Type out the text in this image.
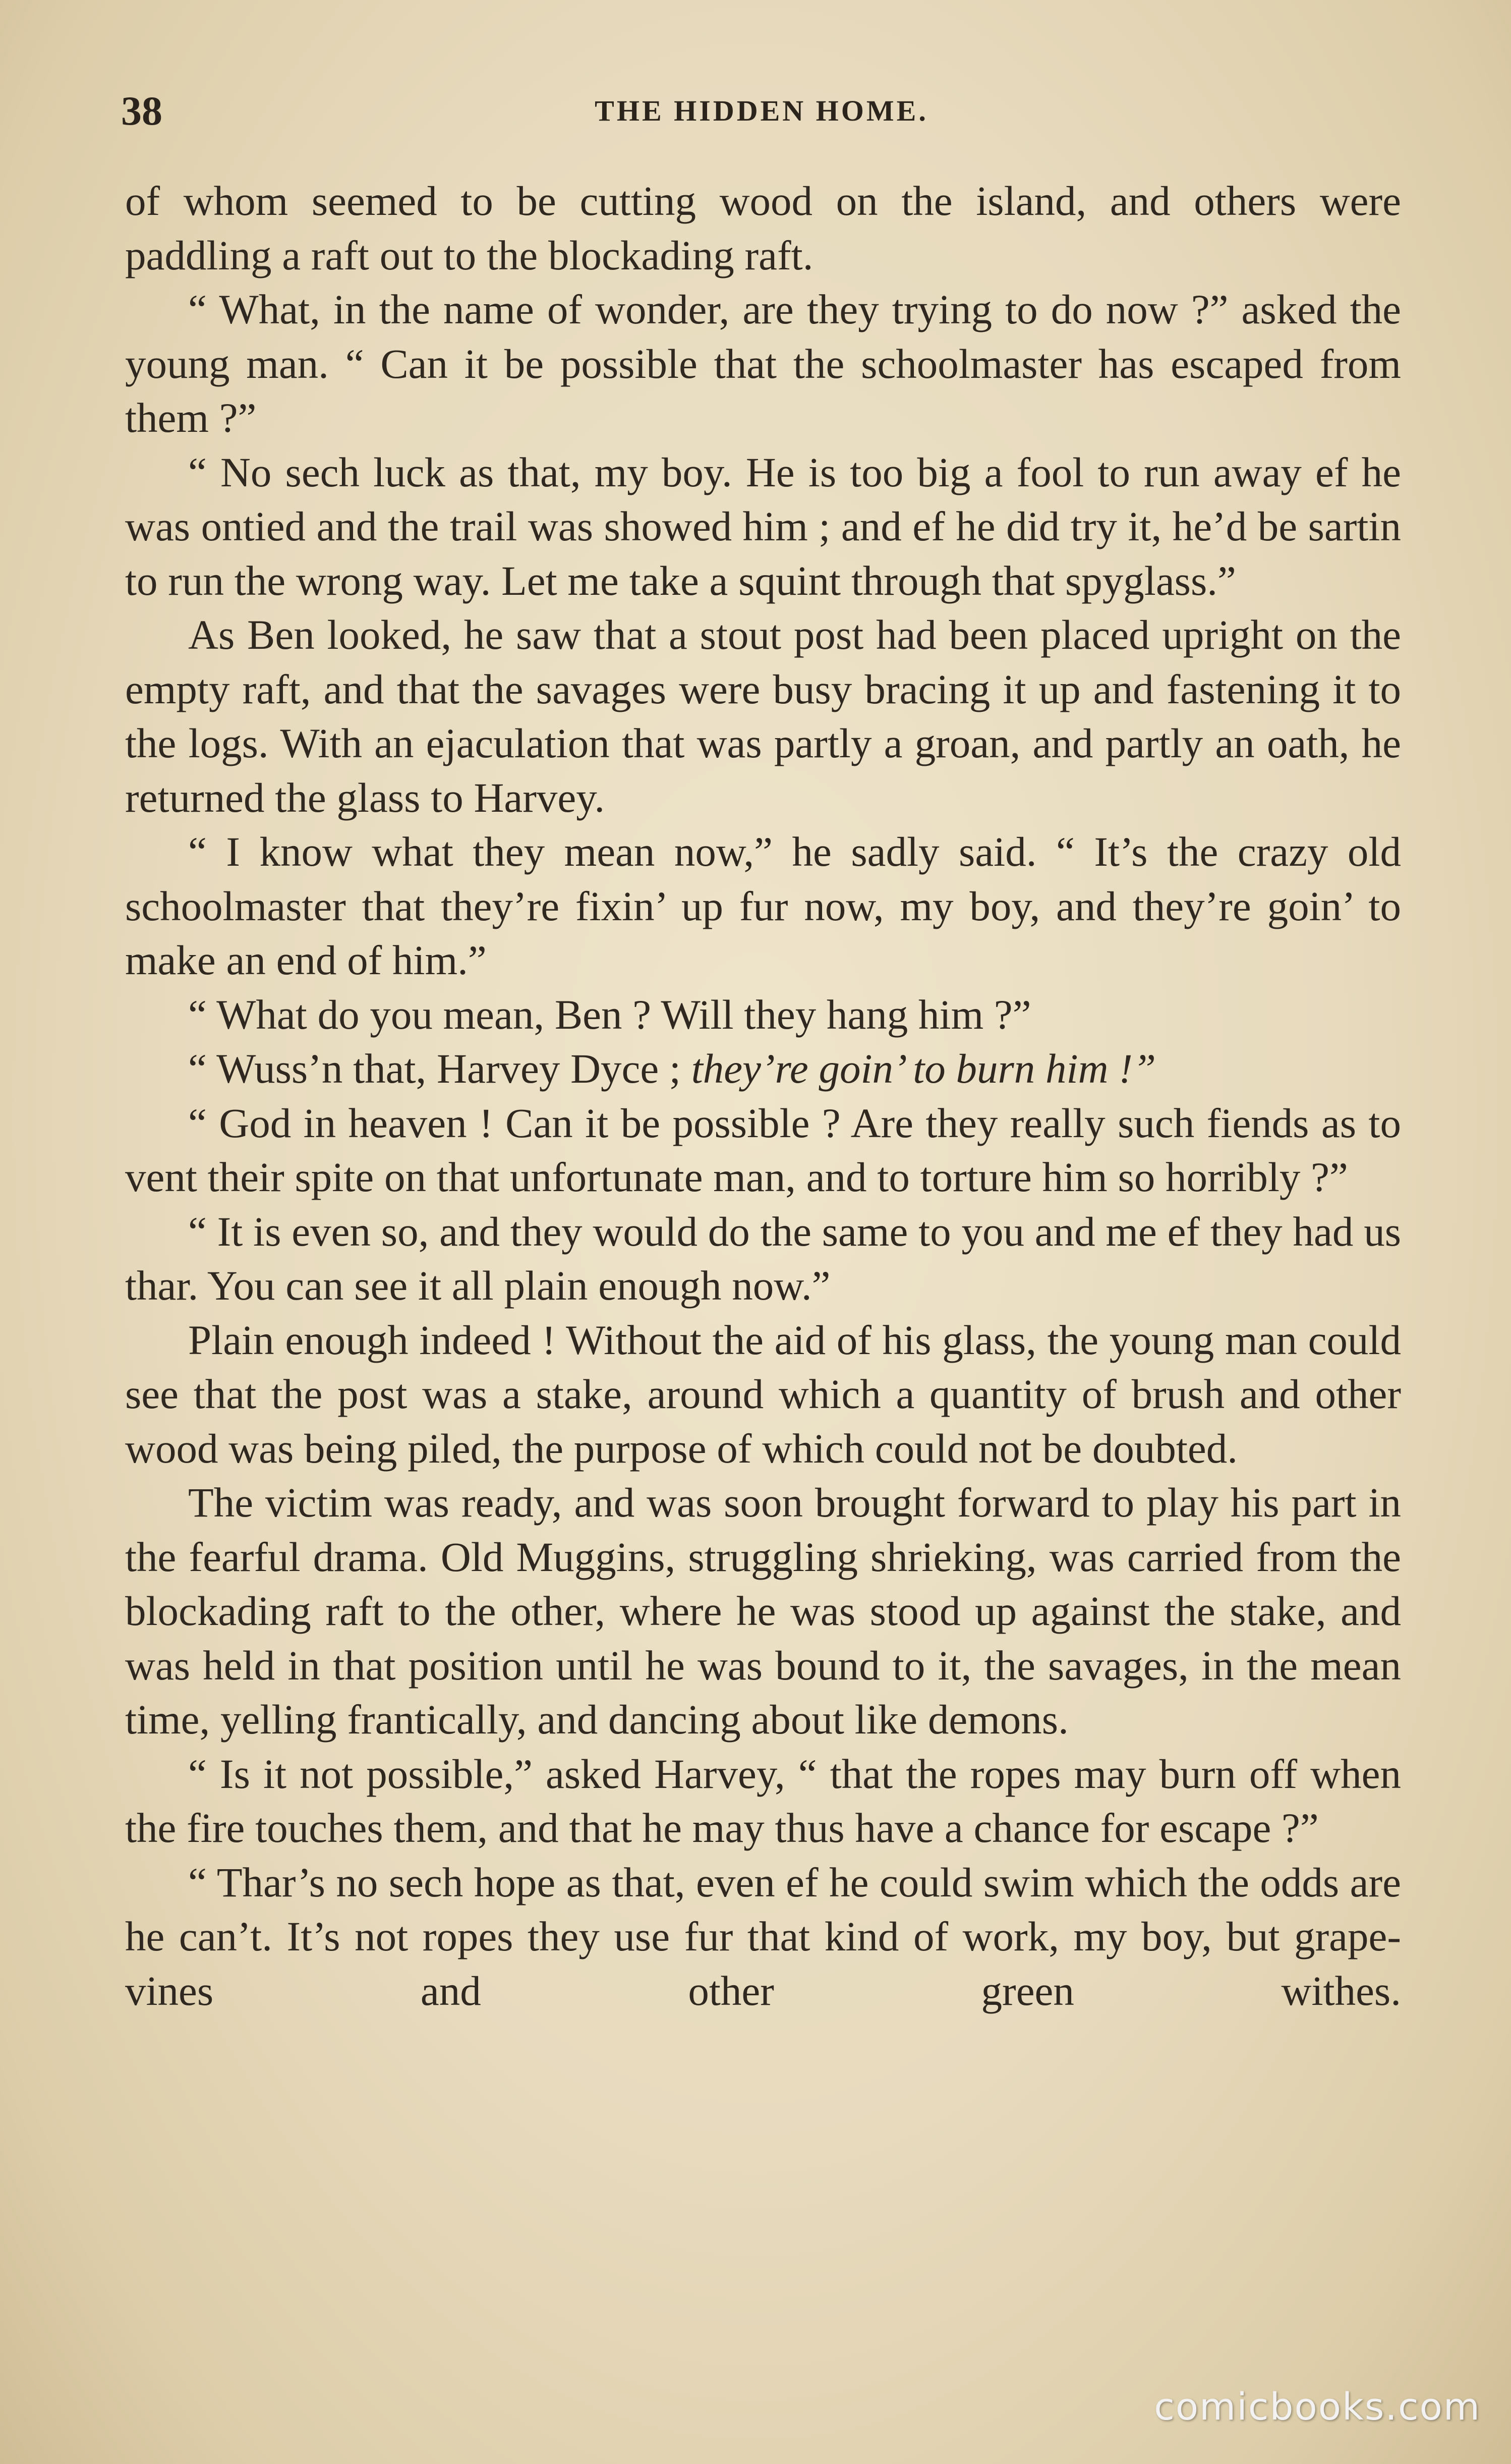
38	THE HIDDEN HOME.

of whom seemed to be cutting wood on the island, and others were paddling a raft out to the blockading raft.

“ What, in the name of wonder, are they trying to do now ?” asked the young man. “ Can it be possible that the schoolmaster has escaped from them ?”

“ No sech luck as that, my boy. He is too big a fool to run away ef he was ontied and the trail was showed him ; and ef he did try it, he’d be sartin to run the wrong way. Let me take a squint through that spyglass.”

As Ben looked, he saw that a stout post had been placed upright on the empty raft, and that the savages were busy bracing it up and fastening it to the logs. With an ejaculation that was partly a groan, and partly an oath, he returned the glass to Harvey.

“ I know what they mean now,” he sadly said. “ It’s the crazy old schoolmaster that they’re fixin’ up fur now, my boy, and they’re goin’ to make an end of him.”

“ What do you mean, Ben ? Will they hang him ?”

“ Wuss’n that, Harvey Dyce ; they’re goin’ to burn him !”

“ God in heaven ! Can it be possible ? Are they really such fiends as to vent their spite on that unfortunate man, and to torture him so horribly ?”

“ It is even so, and they would do the same to you and me ef they had us thar. You can see it all plain enough now.”

Plain enough indeed ! Without the aid of his glass, the young man could see that the post was a stake, around which a quantity of brush and other wood was being piled, the purpose of which could not be doubted.

The victim was ready, and was soon brought forward to play his part in the fearful drama. Old Muggins, struggling shrieking, was carried from the blockading raft to the other, where he was stood up against the stake, and was held in that position until he was bound to it, the savages, in the mean time, yelling frantically, and dancing about like demons.

“ Is it not possible,” asked Harvey, “ that the ropes may burn off when the fire touches them, and that he may thus have a chance for escape ?”

“ Thar’s no sech hope as that, even ef he could swim which the odds are he can’t. It’s not ropes they use fur that kind of work, my boy, but grape-vines and other green withes.

comicbooks.com
